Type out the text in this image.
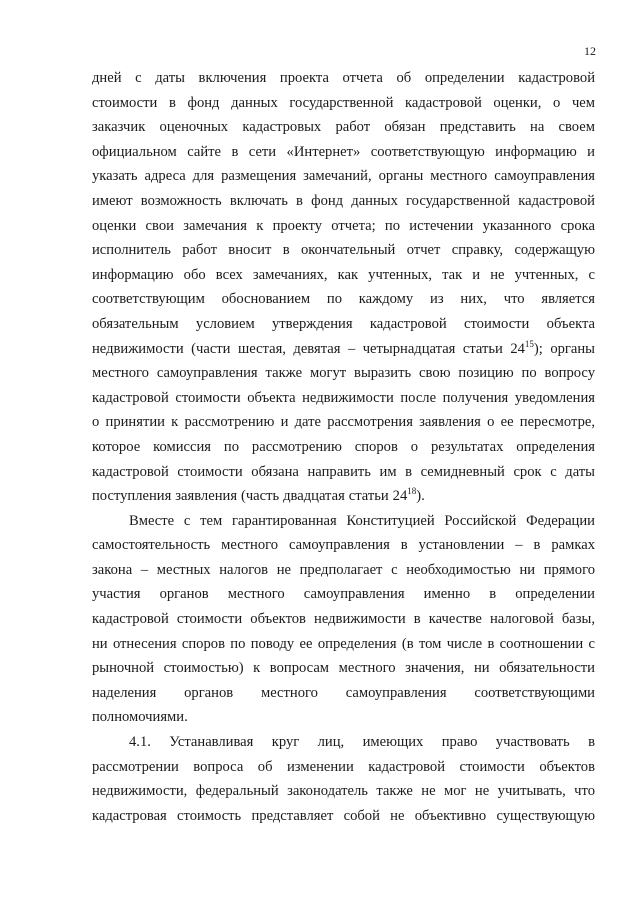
12
дней с даты включения проекта отчета об определении кадастровой
стоимости в фонд данных государственной кадастровой оценки, о чем
заказчик оценочных кадастровых работ обязан представить на своем
официальном сайте в сети «Интернет» соответствующую информацию и
указать адреса для размещения замечаний, органы местного самоуправления
имеют возможность включать в фонд данных государственной кадастровой
оценки свои замечания к проекту отчета; по истечении указанного срока
исполнитель работ вносит в окончательный отчет справку, содержащую
информацию обо всех замечаниях, как учтенных, так и не учтенных, с
соответствующим обоснованием по каждому из них, что является
обязательным условием утверждения кадастровой стоимости объекта
недвижимости (части шестая, девятая – четырнадцатая статьи $24^{15}$); органы
местного самоуправления также могут выразить свою позицию по вопросу
кадастровой стоимости объекта недвижимости после получения уведомления
о принятии к рассмотрению и дате рассмотрения заявления о ее пересмотре,
которое комиссия по рассмотрению споров о результатах определения
кадастровой стоимости обязана направить им в семидневный срок с даты
поступления заявления (часть двадцатая статьи $24^{18}$).
Вместе с тем гарантированная Конституцией Российской Федерации
самостоятельность местного самоуправления в установлении – в рамках
закона – местных налогов не предполагает с необходимостью ни прямого
участия органов местного самоуправления именно в определении
кадастровой стоимости объектов недвижимости в качестве налоговой базы,
ни отнесения споров по поводу ее определения (в том числе в соотношении с
рыночной стоимостью) к вопросам местного значения, ни обязательности
наделения органов местного самоуправления соответствующими
полномочиями.
4.1. Устанавливая круг лиц, имеющих право участвовать в
рассмотрении вопроса об изменении кадастровой стоимости объектов
недвижимости, федеральный законодатель также не мог не учитывать, что
кадастровая стоимость представляет собой не объективно существующую
